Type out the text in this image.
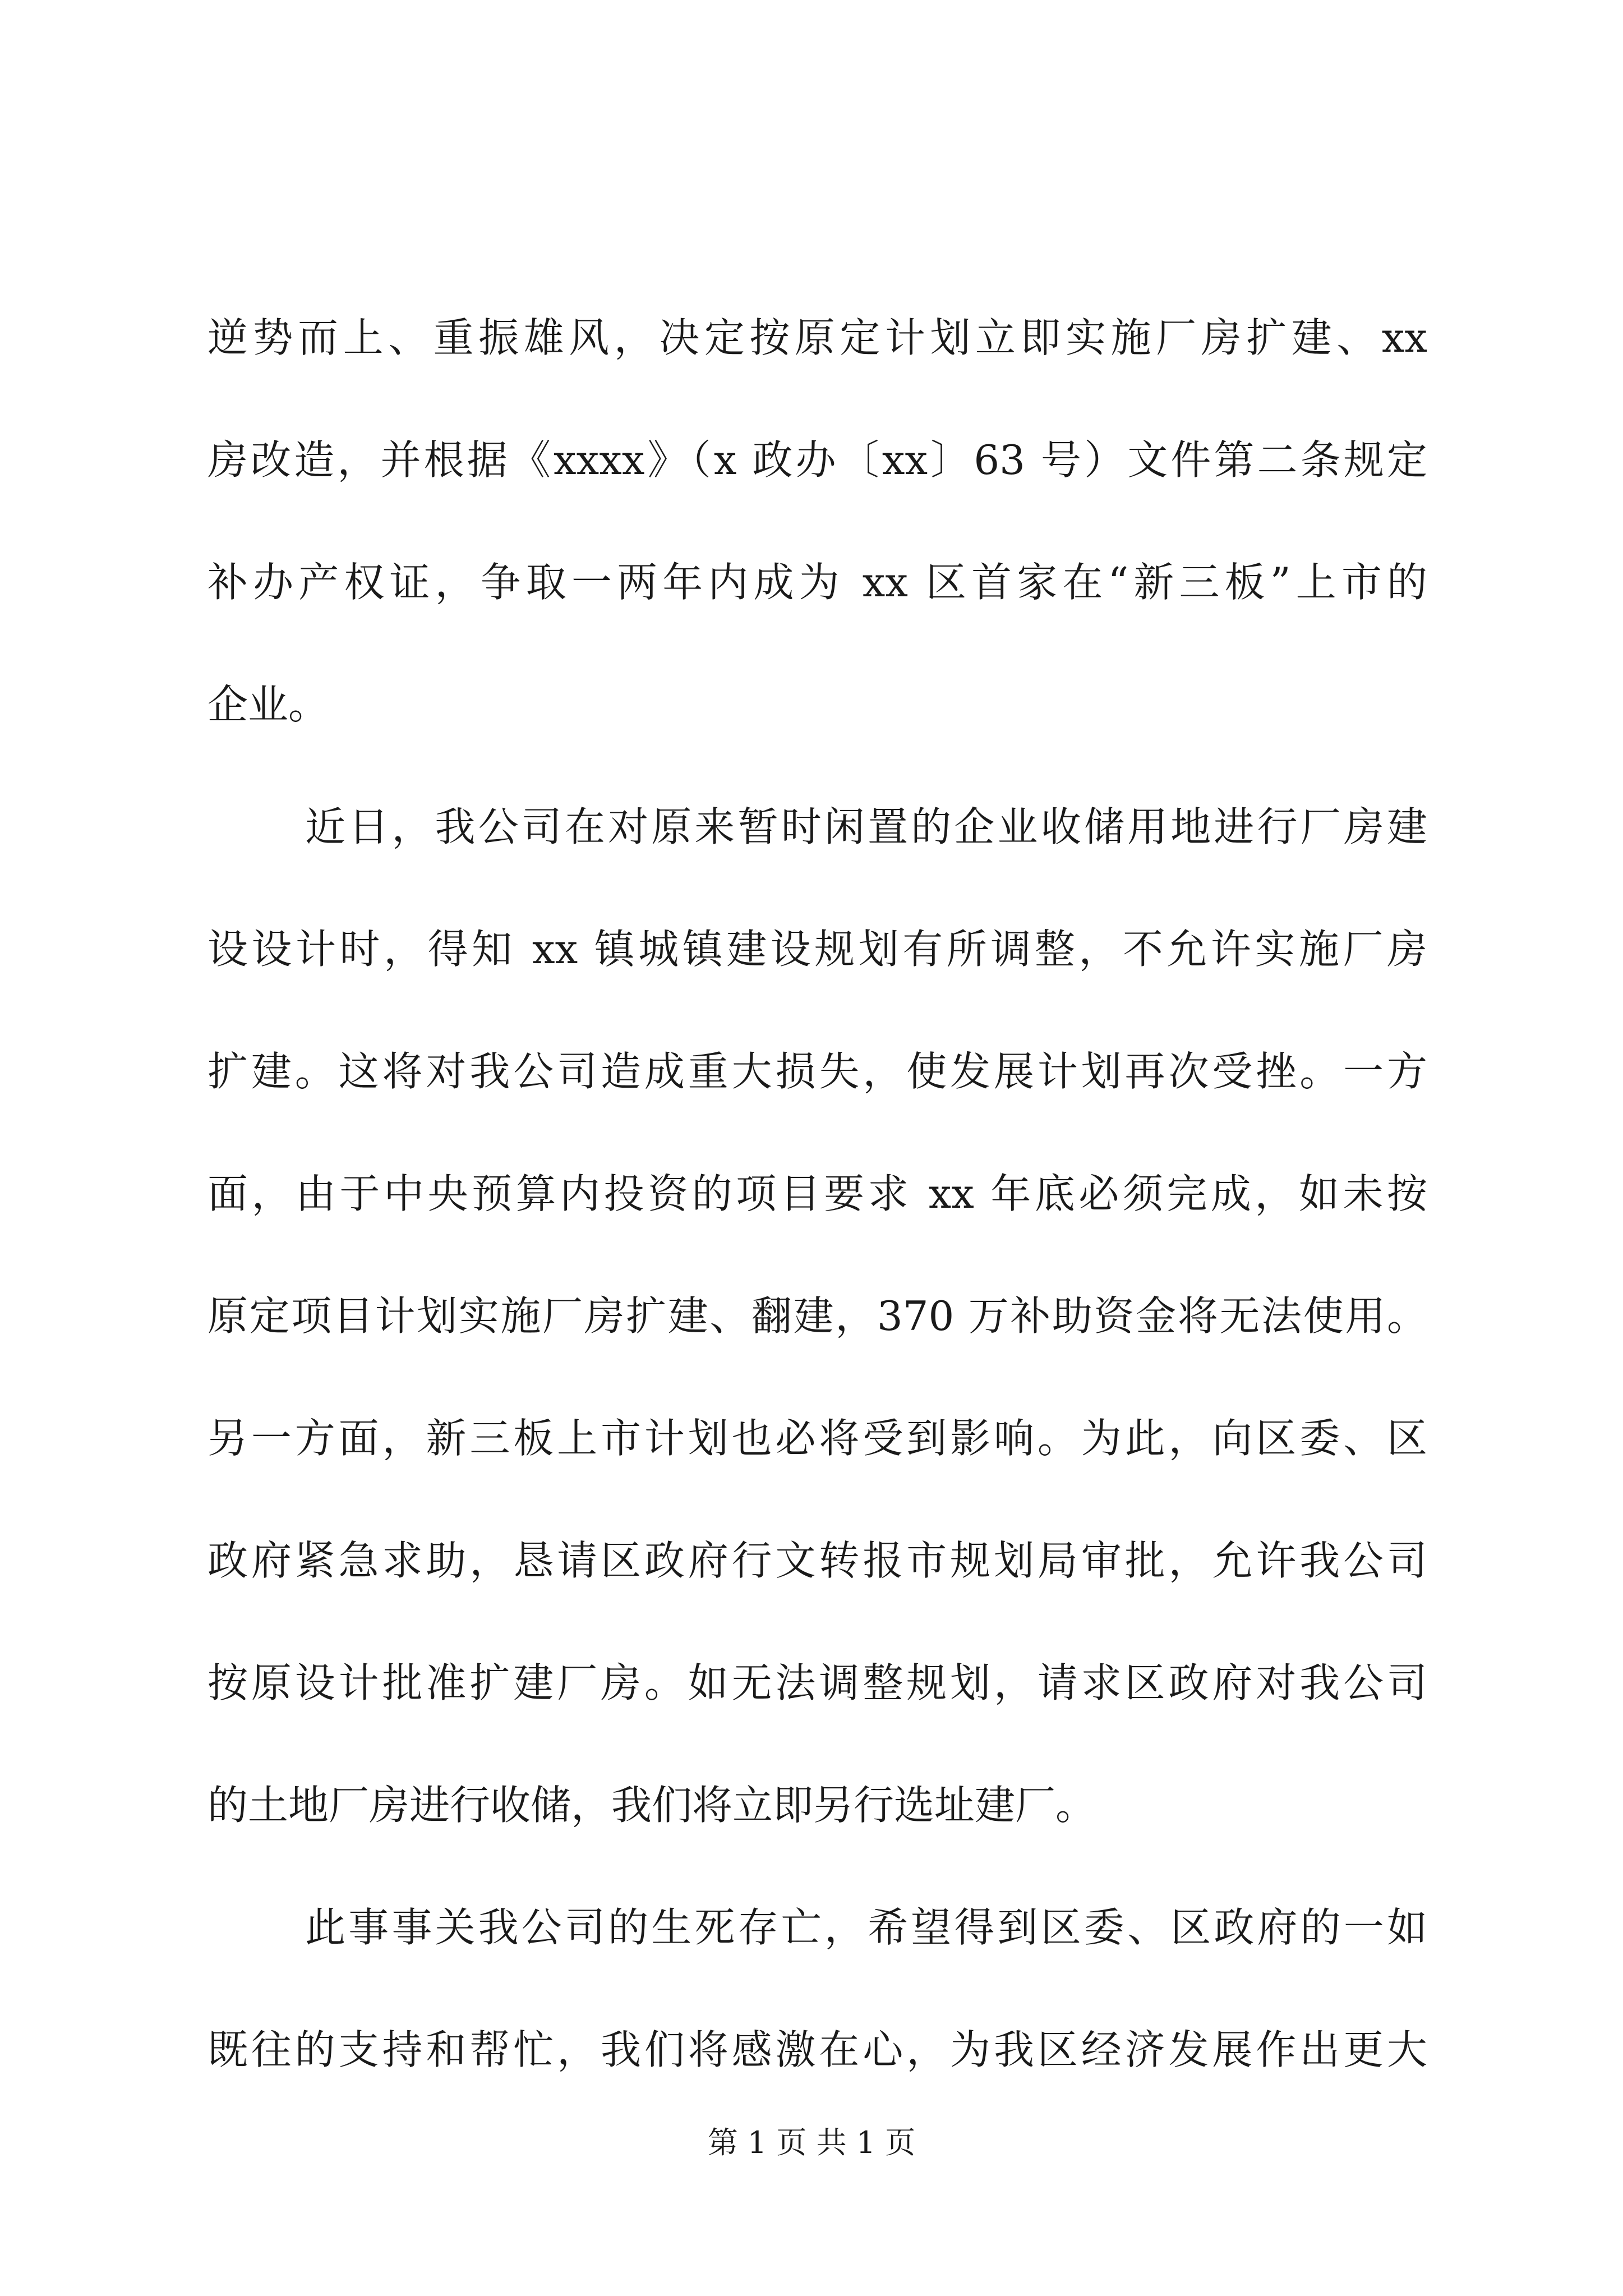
逆势而上、重振雄风，决定按原定计划立即实施厂房扩建、xx
房改造，并根据《xxxx》（x 政办〔xx〕63 号）文件第二条规定
补办产权证，争取一两年内成为 xx 区首家在“新三板”上市的
企业。
近日，我公司在对原来暂时闲置的企业收储用地进行厂房建
设设计时，得知 xx 镇城镇建设规划有所调整，不允许实施厂房
扩建。这将对我公司造成重大损失，使发展计划再次受挫。一方
面，由于中央预算内投资的项目要求 xx 年底必须完成，如未按
原定项目计划实施厂房扩建、翻建，370 万补助资金将无法使用。
另一方面，新三板上市计划也必将受到影响。为此，向区委、区
政府紧急求助，恳请区政府行文转报市规划局审批，允许我公司
按原设计批准扩建厂房。如无法调整规划，请求区政府对我公司
的土地厂房进行收储，我们将立即另行选址建厂。
此事事关我公司的生死存亡，希望得到区委、区政府的一如
既往的支持和帮忙，我们将感激在心，为我区经济发展作出更大
第 1 页 共 1 页
